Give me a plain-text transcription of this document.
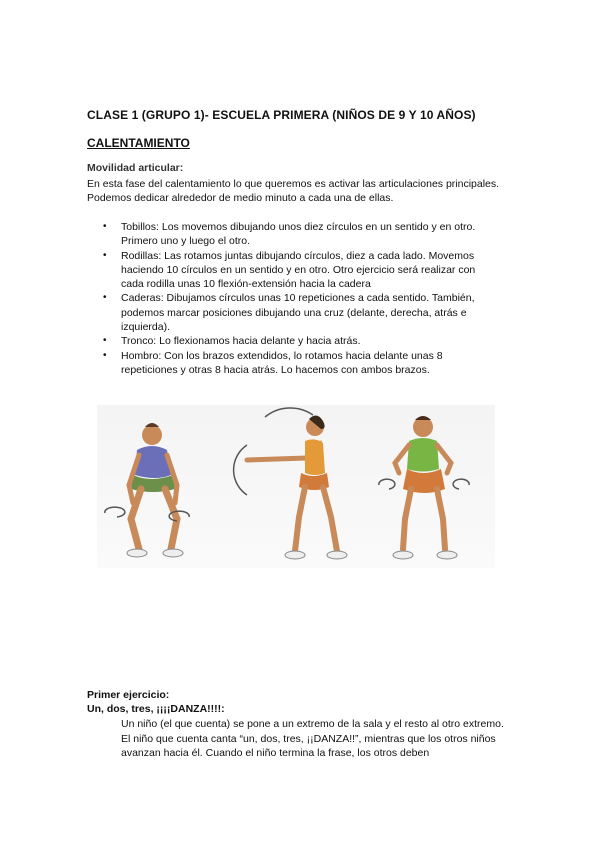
CLASE 1 (GRUPO 1)- ESCUELA PRIMERA (NIÑOS DE 9 Y 10 AÑOS)
CALENTAMIENTO
Movilidad articular:
En esta fase del calentamiento lo que queremos es activar las articulaciones principales. Podemos dedicar alrededor de medio minuto a cada una de ellas.
• Tobillos: Los movemos dibujando unos diez círculos en un sentido y en otro. Primero uno y luego el otro.
• Rodillas: Las rotamos juntas dibujando círculos, diez a cada lado. Movemos haciendo 10 círculos en un sentido y en otro. Otro ejercicio será realizar con cada rodilla unas 10 flexión-extensión hacia la cadera
• Caderas: Dibujamos círculos unas 10 repeticiones a cada sentido. También, podemos marcar posiciones dibujando una cruz (delante, derecha, atrás e izquierda).
• Tronco: Lo flexionamos hacia delante y hacia atrás.
• Hombro: Con los brazos extendidos, lo rotamos hacia delante unas 8 repeticiones y otras 8 hacia atrás. Lo hacemos con ambos brazos.
Primer ejercicio:
Un, dos, tres, ¡¡¡¡DANZA!!!!:
Un niño (el que cuenta) se pone a un extremo de la sala y el resto al otro extremo. El niño que cuenta canta “un, dos, tres, ¡¡DANZA!!”, mientras que los otros niños avanzan hacia él. Cuando el niño termina la frase, los otros deben
